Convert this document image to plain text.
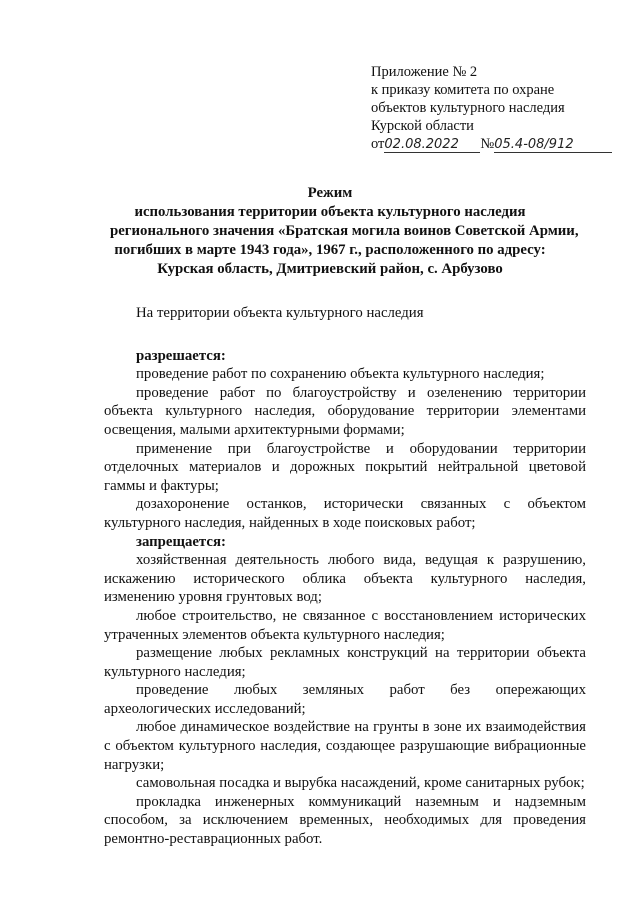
Приложение № 2
к приказу комитета по охране
объектов культурного наследия
Курской области
от02.08.2022 №05.4-08/912
Режим
использования территории объекта культурного наследия
регионального значения «Братская могила воинов Советской Армии,
погибших в марте 1943 года», 1967 г., расположенного по адресу:
Курская область, Дмитриевский район, с. Арбузово
На территории объекта культурного наследия
разрешается:
проведение работ по сохранению объекта культурного наследия;
проведение работ по благоустройству и озеленению территории объекта культурного наследия, оборудование территории элементами освещения, малыми архитектурными формами;
применение при благоустройстве и оборудовании территории отделочных материалов и дорожных покрытий нейтральной цветовой гаммы и фактуры;
дозахоронение останков, исторически связанных с объектом культурного наследия, найденных в ходе поисковых работ;
запрещается:
хозяйственная деятельность любого вида, ведущая к разрушению, искажению исторического облика объекта культурного наследия, изменению уровня грунтовых вод;
любое строительство, не связанное с восстановлением исторических утраченных элементов объекта культурного наследия;
размещение любых рекламных конструкций на территории объекта культурного наследия;
проведение любых земляных работ без опережающих археологических исследований;
любое динамическое воздействие на грунты в зоне их взаимодействия с объектом культурного наследия, создающее разрушающие вибрационные нагрузки;
самовольная посадка и вырубка насаждений, кроме санитарных рубок;
прокладка инженерных коммуникаций наземным и надземным способом, за исключением временных, необходимых для проведения ремонтно-реставрационных работ.
